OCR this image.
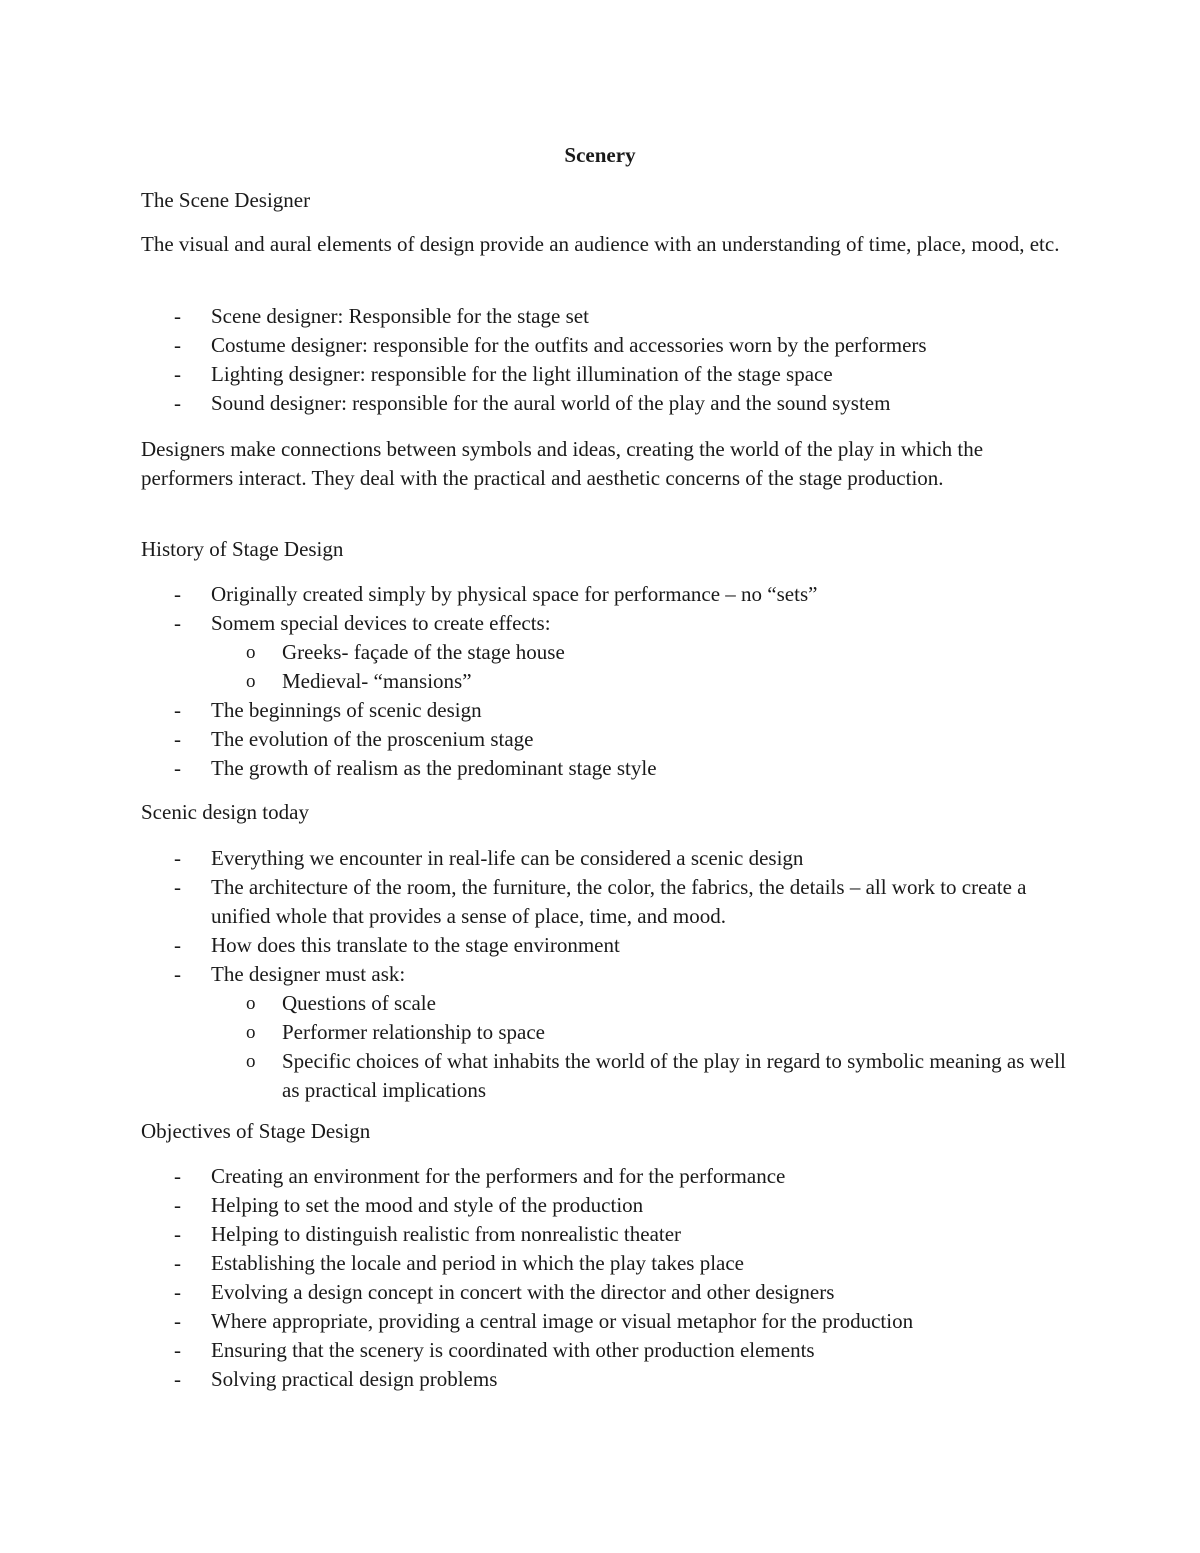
Scenery

The Scene Designer

The visual and aural elements of design provide an audience with an understanding of time, place, mood, etc.

- Scene designer: Responsible for the stage set
- Costume designer: responsible for the outfits and accessories worn by the performers
- Lighting designer: responsible for the light illumination of the stage space
- Sound designer: responsible for the aural world of the play and the sound system

Designers make connections between symbols and ideas, creating the world of the play in which the performers interact. They deal with the practical and aesthetic concerns of the stage production.

History of Stage Design

- Originally created simply by physical space for performance – no “sets”
- Somem special devices to create effects:
o Greeks- façade of the stage house
o Medieval- “mansions”
- The beginnings of scenic design
- The evolution of the proscenium stage
- The growth of realism as the predominant stage style

Scenic design today

- Everything we encounter in real-life can be considered a scenic design
- The architecture of the room, the furniture, the color, the fabrics, the details – all work to create a unified whole that provides a sense of place, time, and mood.
- How does this translate to the stage environment
- The designer must ask:
o Questions of scale
o Performer relationship to space
o Specific choices of what inhabits the world of the play in regard to symbolic meaning as well as practical implications

Objectives of Stage Design

- Creating an environment for the performers and for the performance
- Helping to set the mood and style of the production
- Helping to distinguish realistic from nonrealistic theater
- Establishing the locale and period in which the play takes place
- Evolving a design concept in concert with the director and other designers
- Where appropriate, providing a central image or visual metaphor for the production
- Ensuring that the scenery is coordinated with other production elements
- Solving practical design problems
